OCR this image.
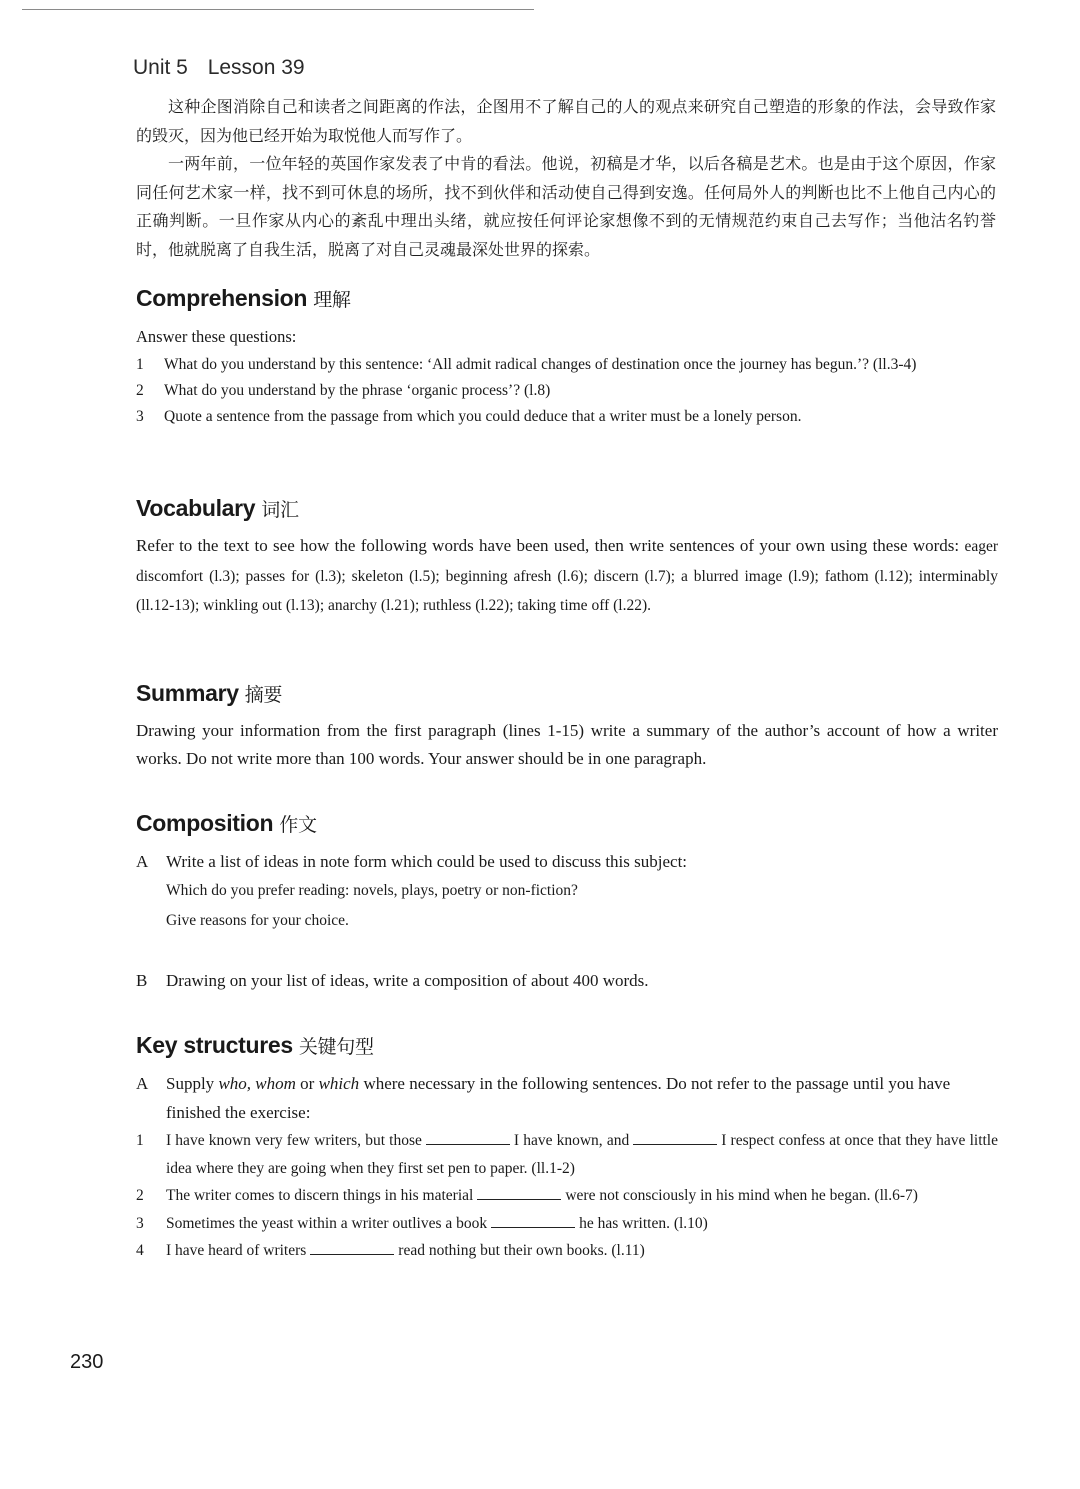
Unit 5 Lesson 39

这种企图消除自己和读者之间距离的作法，企图用不了解自己的人的观点来研究自己塑造的形象的作法，会导致作家的毁灭，因为他已经开始为取悦他人而写作了。

一两年前，一位年轻的英国作家发表了中肯的看法。他说，初稿是才华，以后各稿是艺术。也是由于这个原因，作家同任何艺术家一样，找不到可休息的场所，找不到伙伴和活动使自己得到安逸。任何局外人的判断也比不上他自己内心的正确判断。一旦作家从内心的紊乱中理出头绪，就应按任何评论家想像不到的无情规范约束自己去写作；当他沽名钓誉时，他就脱离了自我生活，脱离了对自己灵魂最深处世界的探索。

Comprehension 理解

Answer these questions:

1	What do you understand by this sentence: ‘All admit radical changes of destination once the journey has begun.’? (ll.3-4)
2	What do you understand by the phrase ‘organic process’? (l.8)
3	Quote a sentence from the passage from which you could deduce that a writer must be a lonely person.
Vocabulary 词汇

Refer to the text to see how the following words have been used, then write sentences of your own using these words: eager discomfort (l.3); passes for (l.3); skeleton (l.5); beginning afresh (l.6); discern (l.7); a blurred image (l.9); fathom (l.12); interminably (ll.12-13); winkling out (l.13); anarchy (l.21); ruthless (l.22); taking time off (l.22).

Summary 摘要

Drawing your information from the first paragraph (lines 1-15) write a summary of the author’s account of how a writer works. Do not write more than 100 words. Your answer should be in one paragraph.

Composition 作文
A	Write a list of ideas in note form which could be used to discuss this subject:
Which do you prefer reading: novels, plays, poetry or non-fiction?
Give reasons for your choice.
B	Drawing on your list of ideas, write a composition of about 400 words.
Key structures 关键句型
A	Supply who, whom or which where necessary in the following sentences. Do not refer to the passage until you have finished the exercise:
1	I have known very few writers, but those	I have known, and	I respect confess at once that they have little idea where they are going when they first set pen to paper. (ll.1-2)
2	The writer comes to discern things in his material	were not consciously in his mind when he began. (ll.6-7)
3	Sometimes the yeast within a writer outlives a book	he has written. (l.10)
4	I have heard of writers	read nothing but their own books. (l.11)
230
